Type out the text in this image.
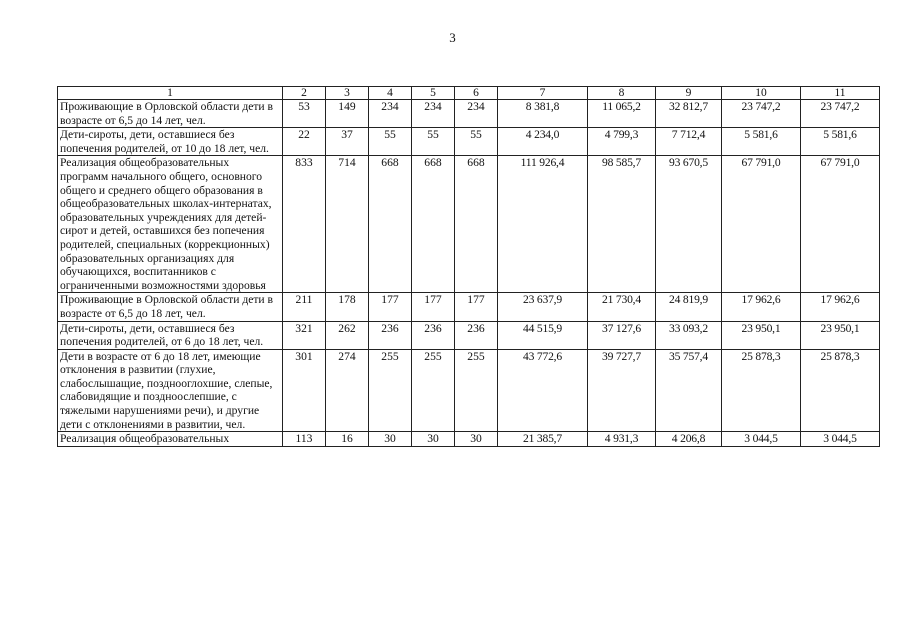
3
1	2	3	4	5	6	7	8	9	10	11
Проживающие в Орловской области дети в возрасте от 6,5 до 14 лет, чел.	53	149	234	234	234	8 381,8	11 065,2	32 812,7	23 747,2	23 747,2
Дети-сироты, дети, оставшиеся без попечения родителей, от 10 до 18 лет, чел.	22	37	55	55	55	4 234,0	4 799,3	7 712,4	5 581,6	5 581,6
Реализация общеобразовательных программ начального общего, основного общего и среднего общего образования в общеобразовательных школах-интернатах, образовательных учреждениях для детей-сирот и детей, оставшихся без попечения родителей, специальных (коррекционных) образовательных организациях для обучающихся, воспитанников с ограниченными возможностями здоровья	833	714	668	668	668	111 926,4	98 585,7	93 670,5	67 791,0	67 791,0
Проживающие в Орловской области дети в возрасте от 6,5 до 18 лет, чел.	211	178	177	177	177	23 637,9	21 730,4	24 819,9	17 962,6	17 962,6
Дети-сироты, дети, оставшиеся без попечения родителей, от 6 до 18 лет, чел.	321	262	236	236	236	44 515,9	37 127,6	33 093,2	23 950,1	23 950,1
Дети в возрасте от 6 до 18 лет, имеющие отклонения в развитии (глухие, слабослышащие, позднооглохшие, слепые, слабовидящие и поздноослепшие, с тяжелыми нарушениями речи), и другие дети с отклонениями в развитии, чел.	301	274	255	255	255	43 772,6	39 727,7	35 757,4	25 878,3	25 878,3
Реализация общеобразовательных	113	16	30	30	30	21 385,7	4 931,3	4 206,8	3 044,5	3 044,5
